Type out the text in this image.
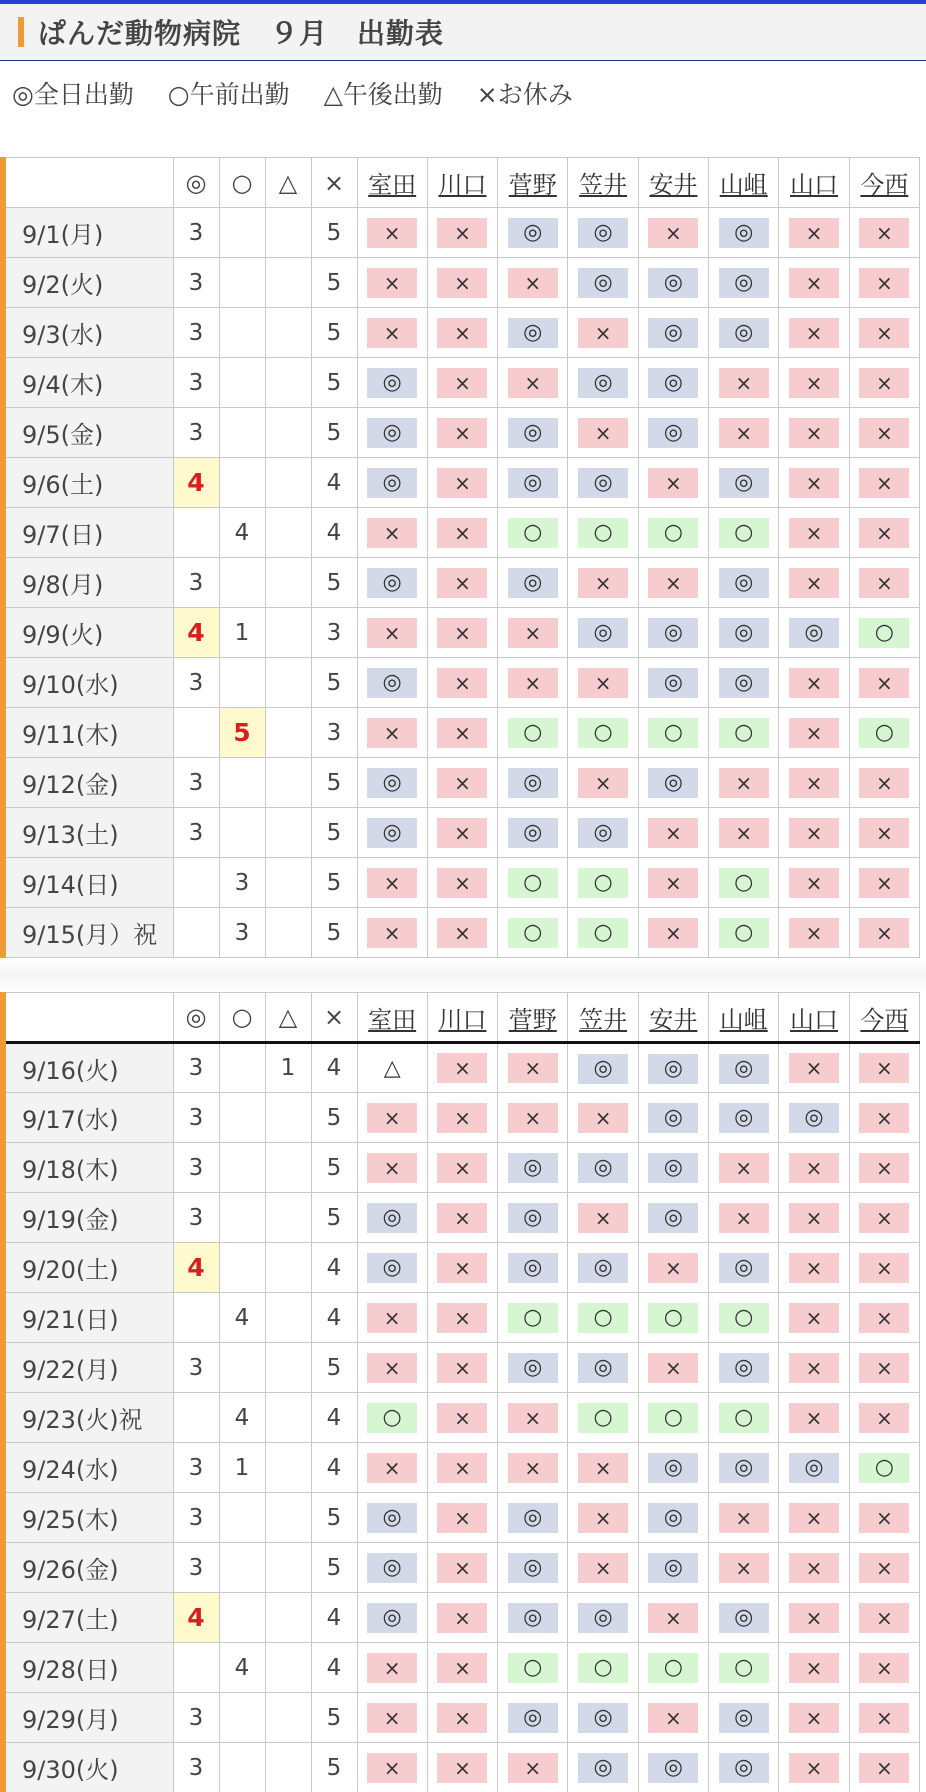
ぱんだ動物病院　９月　出勤表
◎全日出勤 ○午前出勤 △午後出勤 ×お休み
	◎	○	△	×	室田	川口	菅野	笠井	安井	山岨	山口	今西
9/1(月)	3			5	×	×	◎	◎	×	◎	×	×
9/2(火)	3			5	×	×	×	◎	◎	◎	×	×
9/3(水)	3			5	×	×	◎	×	◎	◎	×	×
9/4(木)	3			5	◎	×	×	◎	◎	×	×	×
9/5(金)	3			5	◎	×	◎	×	◎	×	×	×
9/6(土)	4			4	◎	×	◎	◎	×	◎	×	×
9/7(日)		4		4	×	×	○	○	○	○	×	×
9/8(月)	3			5	◎	×	◎	×	×	◎	×	×
9/9(火)	4	1		3	×	×	×	◎	◎	◎	◎	○
9/10(水)	3			5	◎	×	×	×	◎	◎	×	×
9/11(木)		5		3	×	×	○	○	○	○	×	○
9/12(金)	3			5	◎	×	◎	×	◎	×	×	×
9/13(土)	3			5	◎	×	◎	◎	×	×	×	×
9/14(日)		3		5	×	×	○	○	×	○	×	×
9/15(月）祝		3		5	×	×	○	○	×	○	×	×
	◎	○	△	×	室田	川口	菅野	笠井	安井	山岨	山口	今西
9/16(火)	3		1	4	△	×	×	◎	◎	◎	×	×
9/17(水)	3			5	×	×	×	×	◎	◎	◎	×
9/18(木)	3			5	×	×	◎	◎	◎	×	×	×
9/19(金)	3			5	◎	×	◎	×	◎	×	×	×
9/20(土)	4			4	◎	×	◎	◎	×	◎	×	×
9/21(日)		4		4	×	×	○	○	○	○	×	×
9/22(月)	3			5	×	×	◎	◎	×	◎	×	×
9/23(火)祝		4		4	○	×	×	○	○	○	×	×
9/24(水)	3	1		4	×	×	×	×	◎	◎	◎	○
9/25(木)	3			5	◎	×	◎	×	◎	×	×	×
9/26(金)	3			5	◎	×	◎	×	◎	×	×	×
9/27(土)	4			4	◎	×	◎	◎	×	◎	×	×
9/28(日)		4		4	×	×	○	○	○	○	×	×
9/29(月)	3			5	×	×	◎	◎	×	◎	×	×
9/30(火)	3			5	×	×	×	◎	◎	◎	×	×
